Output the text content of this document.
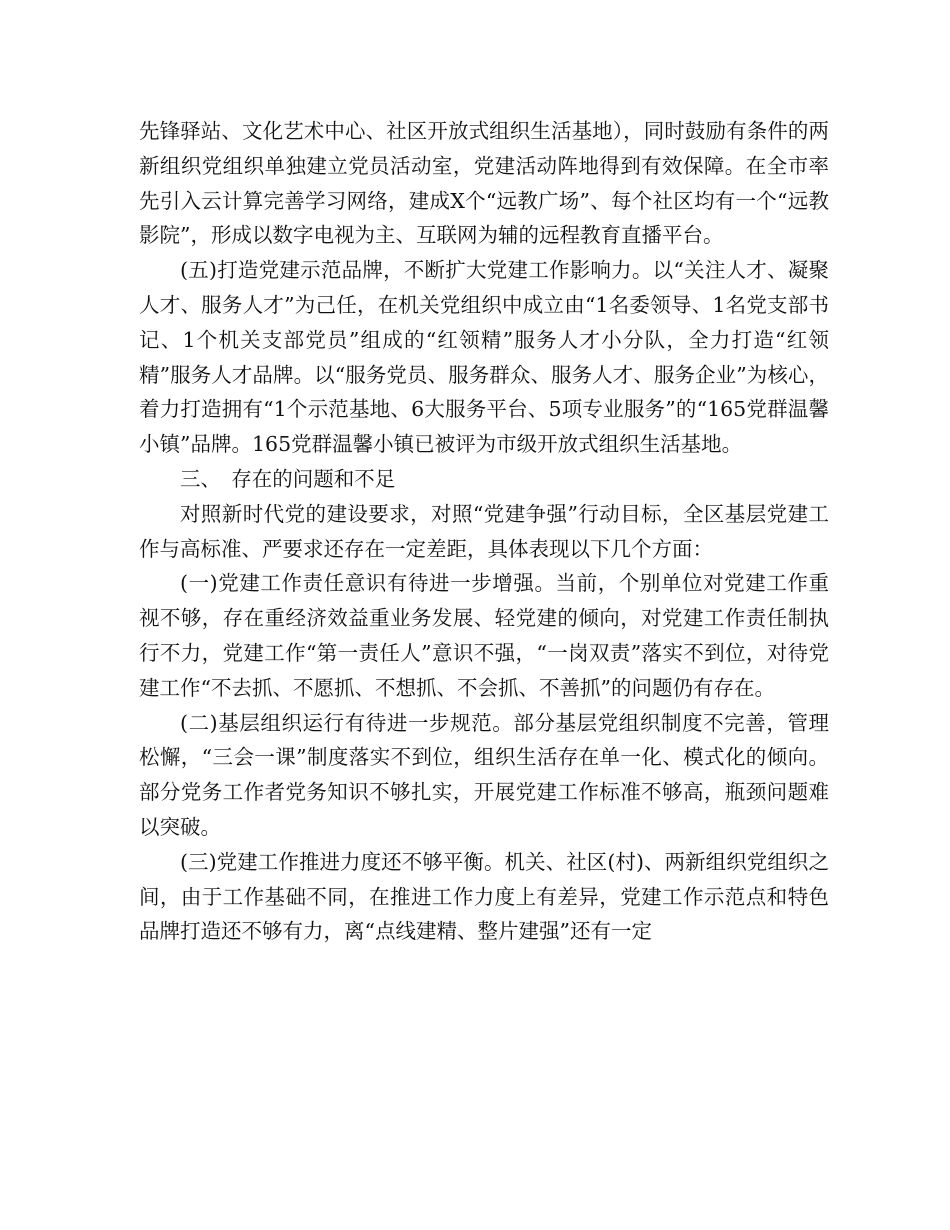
先锋驿站、文化艺术中心、社区开放式组织生活基地），同时鼓励有条件的两新组织党组织单独建立党员活动室，党建活动阵地得到有效保障。在全市率先引入云计算完善学习网络，建成X个“远教广场”、每个社区均有一个“远教影院”，形成以数字电视为主、互联网为辅的远程教育直播平台。

(五)打造党建示范品牌，不断扩大党建工作影响力。以“关注人才、凝聚人才、服务人才”为己任，在机关党组织中成立由“1名委领导、1名党支部书记、1个机关支部党员”组成的“红领精”服务人才小分队，全力打造“红领精”服务人才品牌。以“服务党员、服务群众、服务人才、服务企业”为核心，着力打造拥有“1个示范基地、6大服务平台、5项专业服务”的“165党群温馨小镇”品牌。165党群温馨小镇已被评为市级开放式组织生活基地。

三、　存在的问题和不足

对照新时代党的建设要求，对照“党建争强”行动目标，全区基层党建工作与高标准、严要求还存在一定差距，具体表现以下几个方面：

(一)党建工作责任意识有待进一步增强。当前，个别单位对党建工作重视不够，存在重经济效益重业务发展、轻党建的倾向，对党建工作责任制执行不力，党建工作“第一责任人”意识不强，“一岗双责”落实不到位，对待党建工作“不去抓、不愿抓、不想抓、不会抓、不善抓”的问题仍有存在。

(二)基层组织运行有待进一步规范。部分基层党组织制度不完善，管理松懈，“三会一课”制度落实不到位，组织生活存在单一化、模式化的倾向。部分党务工作者党务知识不够扎实，开展党建工作标准不够高，瓶颈问题难以突破。

(三)党建工作推进力度还不够平衡。机关、社区(村)、两新组织党组织之间，由于工作基础不同，在推进工作力度上有差异，党建工作示范点和特色品牌打造还不够有力，离“点线建精、整片建强”还有一定
